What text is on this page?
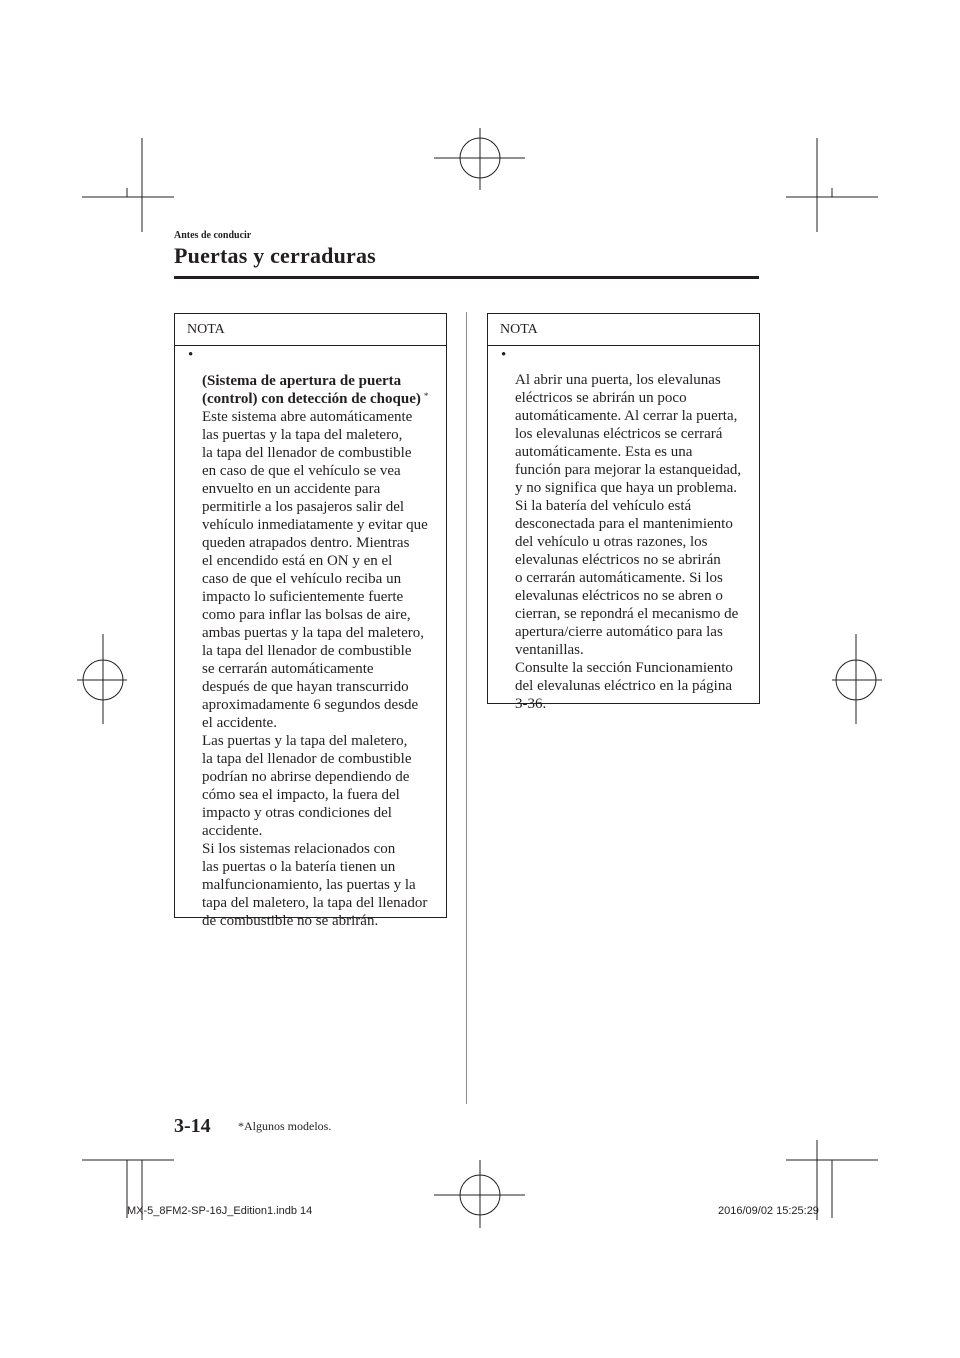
Antes de conducir
Puertas y cerraduras
NOTA
•
(Sistema de apertura de puerta
(control) con detección de choque) *
Este sistema abre automáticamente
las puertas y la tapa del maletero,
la tapa del llenador de combustible
en caso de que el vehículo se vea
envuelto en un accidente para
permitirle a los pasajeros salir del
vehículo inmediatamente y evitar que
queden atrapados dentro. Mientras
el encendido está en ON y en el
caso de que el vehículo reciba un
impacto lo suficientemente fuerte
como para inflar las bolsas de aire,
ambas puertas y la tapa del maletero,
la tapa del llenador de combustible
se cerrarán automáticamente
después de que hayan transcurrido
aproximadamente 6 segundos desde
el accidente.
Las puertas y la tapa del maletero,
la tapa del llenador de combustible
podrían no abrirse dependiendo de
cómo sea el impacto, la fuera del
impacto y otras condiciones del
accidente.
Si los sistemas relacionados con
las puertas o la batería tienen un
malfuncionamiento, las puertas y la
tapa del maletero, la tapa del llenador
de combustible no se abrirán.
NOTA
•
Al abrir una puerta, los elevalunas
eléctricos se abrirán un poco
automáticamente. Al cerrar la puerta,
los elevalunas eléctricos se cerrará
automáticamente. Esta es una
función para mejorar la estanqueidad,
y no significa que haya un problema.
Si la batería del vehículo está
desconectada para el mantenimiento
del vehículo u otras razones, los
elevalunas eléctricos no se abrirán
o cerrarán automáticamente. Si los
elevalunas eléctricos no se abren o
cierran, se repondrá el mecanismo de
apertura/cierre automático para las
ventanillas.
Consulte la sección Funcionamiento
del elevalunas eléctrico en la página
3-36.
3-14 *Algunos modelos.
MX-5_8FM2-SP-16J_Edition1.indb 14	2016/09/02 15:25:29
